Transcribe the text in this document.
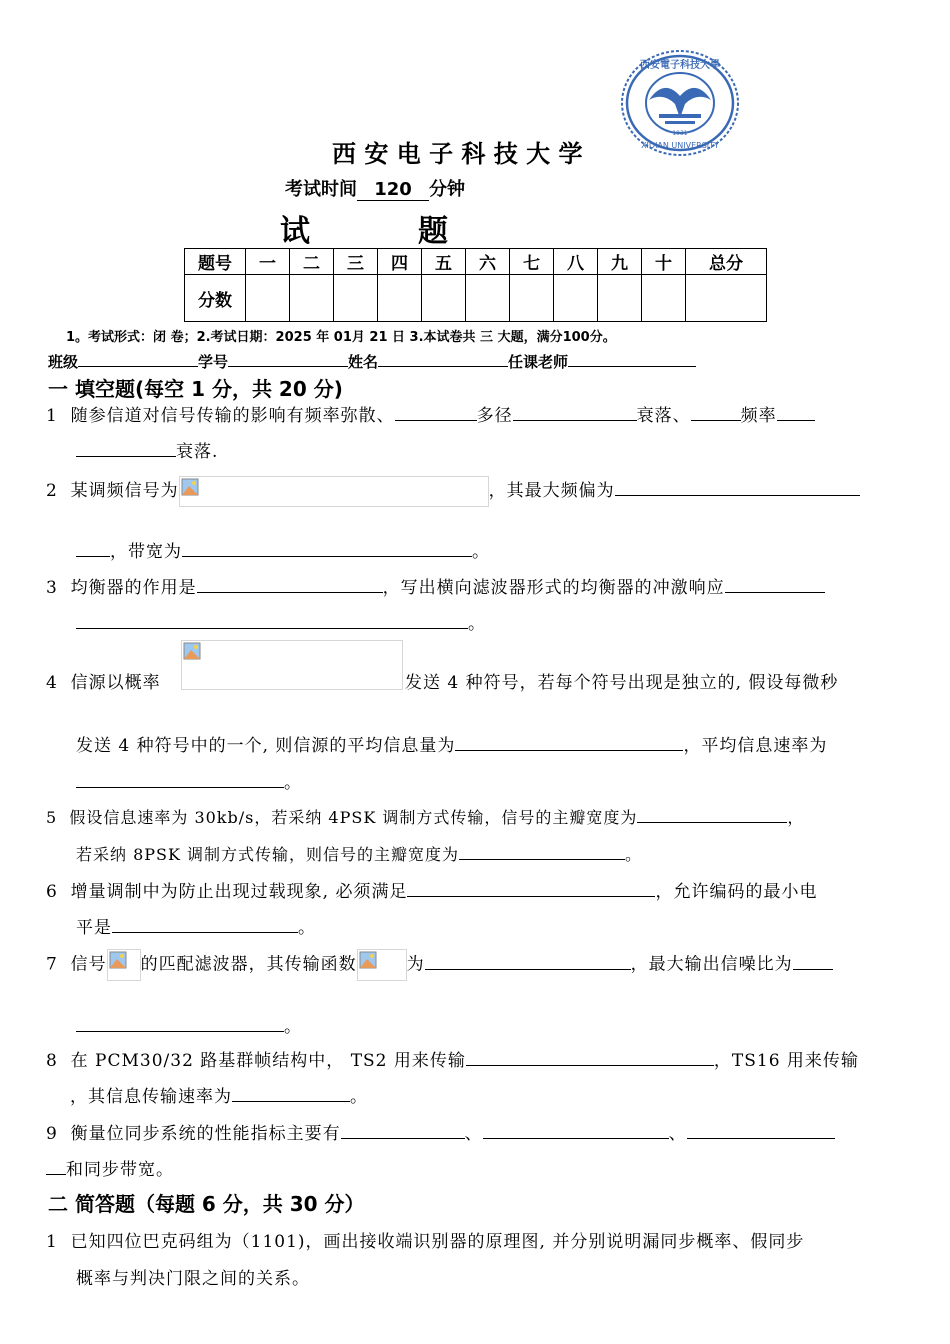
西安電子科技大學
XIDIAN UNIVERSITY
1931
西 安 电 子 科 技 大 学
考试时间 120 分钟
试	题
题号	一	二	三	四	五	六	七	八	九	十	总分
分数											
1。考试形式：闭 卷；2.考试日期：2025 年 01月 21 日 3.本试卷共 三 大题，满分100分。
班级	学号	姓名	任课老师
一 填空题(每空 1 分，共 20 分)
1 随参信道对信号传输的影响有频率弥散、	多径	衰落、	频率
衰落.
2 某调频信号为	，其最大频偏为
，带宽为	。
3 均衡器的作用是	，写出横向滤波器形式的均衡器的冲激响应
。
4 信源以概率	发送 4 种符号，若每个符号出现是独立的, 假设每微秒
发送 4 种符号中的一个, 则信源的平均信息量为	，平均信息速率为
。
5 假设信息速率为 30kb/s，若采纳 4PSK 调制方式传输，信号的主瓣宽度为	，
若采纳 8PSK 调制方式传输，则信号的主瓣宽度为	。
6 增量调制中为防止出现过载现象, 必须满足	，允许编码的最小电
平是	。
7 信号 的匹配滤波器，其传输函数	为	，最大输出信噪比为
。
8 在 PCM30/32 路基群帧结构中， TS2 用来传输	，TS16 用来传输
，其信息传输速率为	。
9 衡量位同步系统的性能指标主要有	、	、
和同步带宽。
二 简答题（每题 6 分，共 30 分）
1 已知四位巴克码组为（1101)，画出接收端识别器的原理图, 并分别说明漏同步概率、假同步
概率与判决门限之间的关系。
